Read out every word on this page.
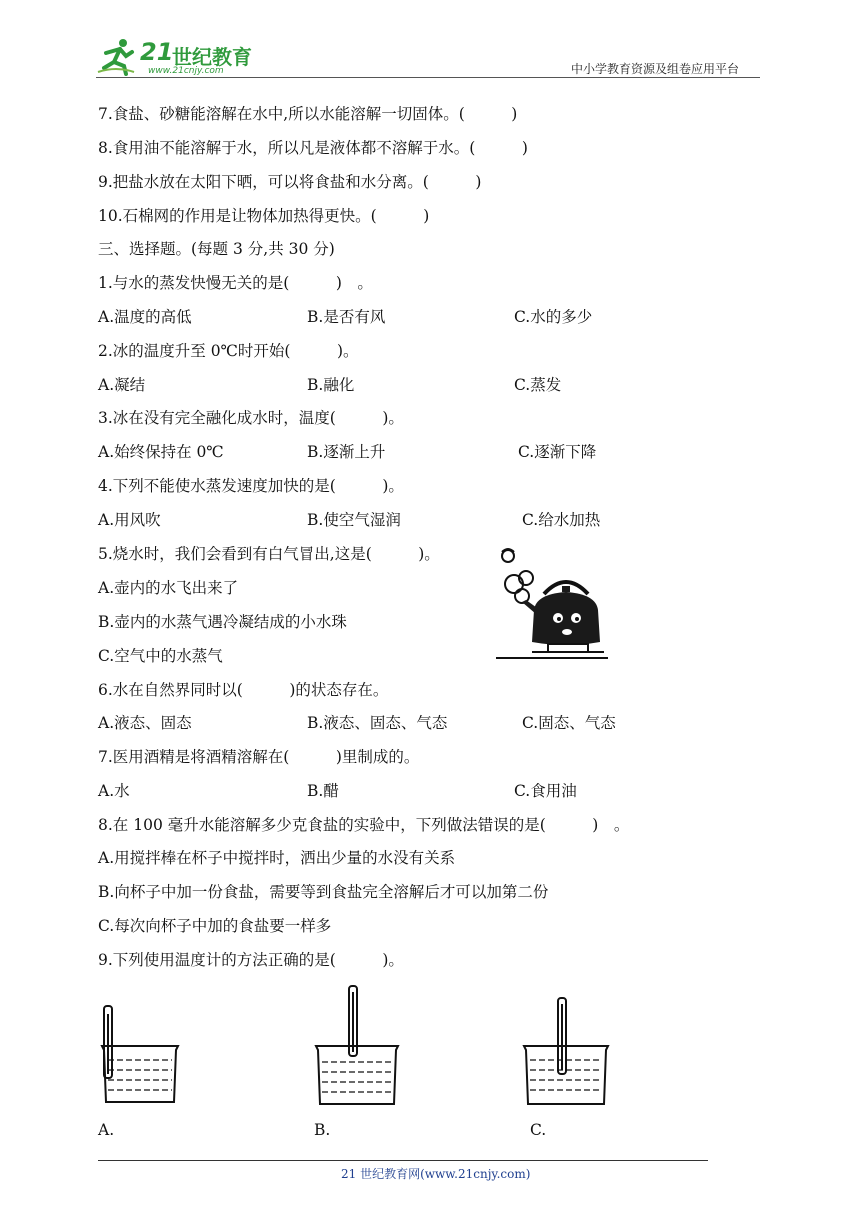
21
世纪教育
www.21cnjy.com	中小学教育资源及组卷应用平台
7.食盐、砂糖能溶解在水中,所以水能溶解一切固体。(　　　)
8.食用油不能溶解于水，所以凡是液体都不溶解于水。(　　　)
9.把盐水放在太阳下晒，可以将食盐和水分离。(　　　)
10.石棉网的作用是让物体加热得更快。(　　　)
三、选择题。(每题 3 分,共 30 分)
1.与水的蒸发快慢无关的是(　　　)　。
A.温度的高低	B.是否有风	C.水的多少
2.冰的温度升至 0℃时开始(　　　)。
A.凝结	B.融化	C.蒸发
3.冰在没有完全融化成水时，温度(　　　)。
A.始终保持在 0℃	B.逐渐上升	C.逐渐下降
4.下列不能使水蒸发速度加快的是(　　　)。
A.用风吹	B.使空气湿润	C.给水加热
5.烧水时，我们会看到有白气冒出,这是(　　　)。
A.壶内的水飞出来了
B.壶内的水蒸气遇冷凝结成的小水珠
C.空气中的水蒸气
6.水在自然界同时以(　　　)的状态存在。
A.液态、固态	B.液态、固态、气态	C.固态、气态
7.医用酒精是将酒精溶解在(　　　)里制成的。
A.水	B.醋	C.食用油
8.在 100 毫升水能溶解多少克食盐的实验中，下列做法错误的是(　　　)　。
A.用搅拌棒在杯子中搅拌时，洒出少量的水没有关系
B.向杯子中加一份食盐，需要等到食盐完全溶解后才可以加第二份
C.每次向杯子中加的食盐要一样多
9.下列使用温度计的方法正确的是(　　　)。
A.	B.	C.
21 世纪教育网(www.21cnjy.com)
